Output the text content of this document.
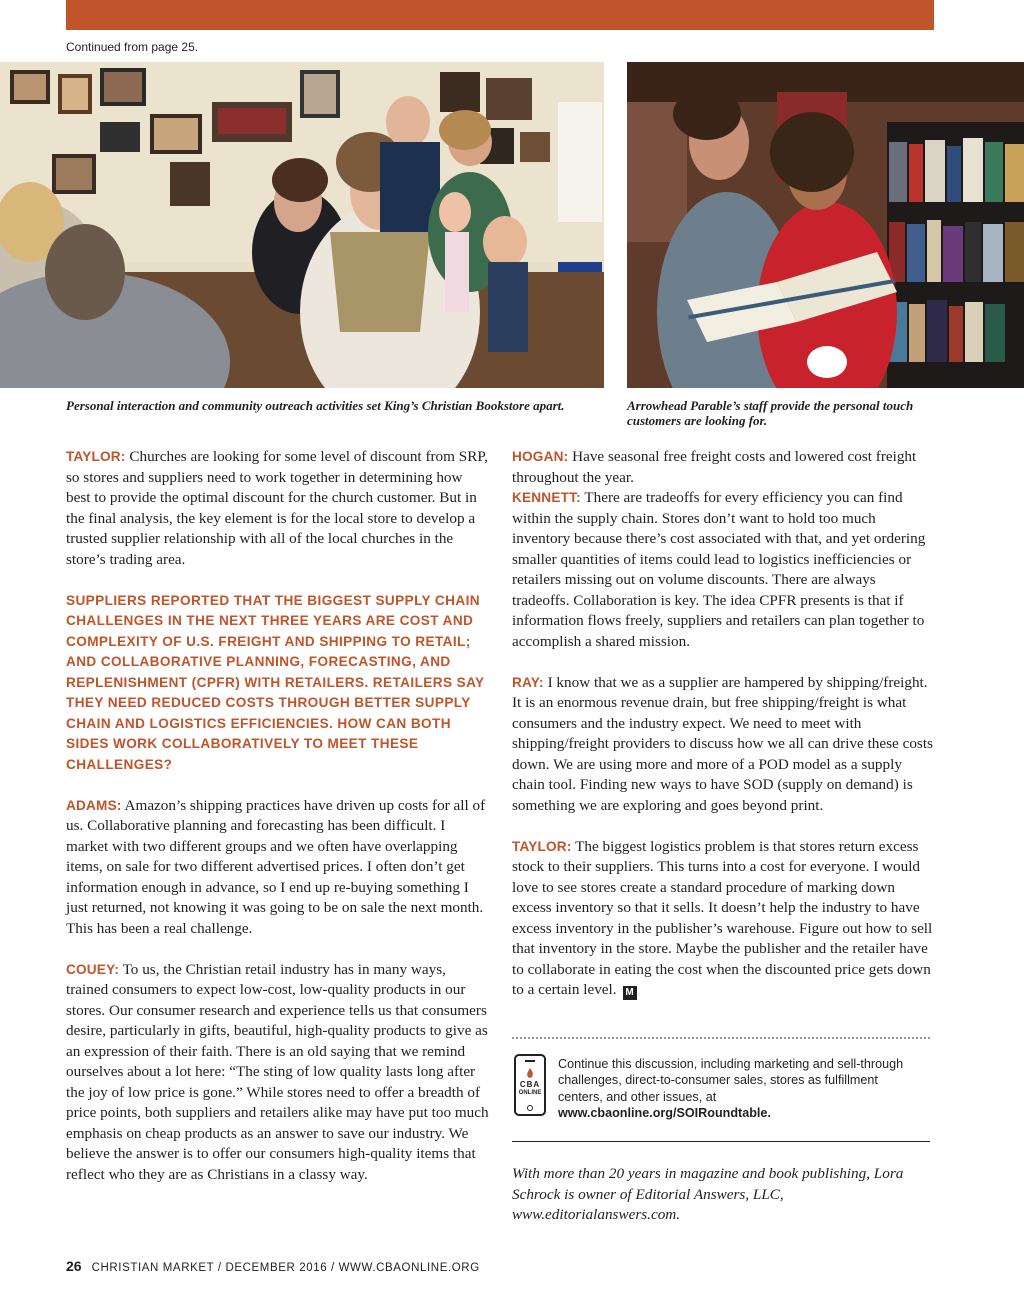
Continued from page 25.
Personal interaction and community outreach activities set King’s Christian Bookstore apart.	Arrowhead Parable’s staff provide the personal touch customers are looking for.

TAYLOR: Churches are looking for some level of discount from SRP, so stores and suppliers need to work together in determining how best to provide the optimal discount for the church customer. But in the final analysis, the key element is for the local store to develop a trusted supplier relationship with all of the local churches in the store’s trading area.

SUPPLIERS REPORTED THAT THE BIGGEST SUPPLY CHAIN CHALLENGES IN THE NEXT THREE YEARS ARE COST AND COMPLEXITY OF U.S. FREIGHT AND SHIPPING TO RETAIL; AND COLLABORATIVE PLANNING, FORECASTING, AND REPLENISHMENT (CPFR) WITH RETAILERS. RETAILERS SAY THEY NEED REDUCED COSTS THROUGH BETTER SUPPLY CHAIN AND LOGISTICS EFFICIENCIES. HOW CAN BOTH SIDES WORK COLLABORATIVELY TO MEET THESE CHALLENGES?

ADAMS: Amazon’s shipping practices have driven up costs for all of us. Collaborative planning and forecasting has been difficult. I market with two different groups and we often have overlapping items, on sale for two different advertised prices. I often don’t get information enough in advance, so I end up re-buying something I just returned, not knowing it was going to be on sale the next month. This has been a real challenge.

COUEY: To us, the Christian retail industry has in many ways, trained consumers to expect low-cost, low-quality products in our stores. Our consumer research and experience tells us that consumers desire, particularly in gifts, beautiful, high-quality products to give as an expression of their faith. There is an old saying that we remind ourselves about a lot here: “The sting of low quality lasts long after the joy of low price is gone.” While stores need to offer a breadth of price points, both suppliers and retailers alike may have put too much emphasis on cheap products as an answer to save our industry. We believe the answer is to offer our consumers high-quality items that reflect who they are as Christians in a classy way.

HOGAN: Have seasonal free freight costs and lowered cost freight throughout the year.

KENNETT: There are tradeoffs for every efficiency you can find within the supply chain. Stores don’t want to hold too much inventory because there’s cost associated with that, and yet ordering smaller quantities of items could lead to logistics inefficiencies or retailers missing out on volume discounts. There are always tradeoffs. Collaboration is key. The idea CPFR presents is that if information flows freely, suppliers and retailers can plan together to accomplish a shared mission.

RAY: I know that we as a supplier are hampered by shipping/freight. It is an enormous revenue drain, but free shipping/freight is what consumers and the industry expect. We need to meet with shipping/freight providers to discuss how we all can drive these costs down. We are using more and more of a POD model as a supply chain tool. Finding new ways to have SOD (supply on demand) is something we are exploring and goes beyond print.

TAYLOR: The biggest logistics problem is that stores return excess stock to their suppliers. This turns into a cost for everyone. I would love to see stores create a standard procedure of marking down excess inventory so that it sells. It doesn’t help the industry to have excess inventory in the publisher’s warehouse. Figure out how to sell that inventory in the store. Maybe the publisher and the retailer have to collaborate in eating the cost when the discounted price gets down to a certain level. M

CBA
ONLINE
Continue this discussion, including marketing and sell-through challenges, direct-to-consumer sales, stores as fulfillment centers, and other issues, at www.cbaonline.org/SOIRoundtable.
With more than 20 years in magazine and book publishing, Lora Schrock is owner of Editorial Answers, LLC, www.editorialanswers.com.
26 CHRISTIAN MARKET / DECEMBER 2016 / WWW.CBAONLINE.ORG
